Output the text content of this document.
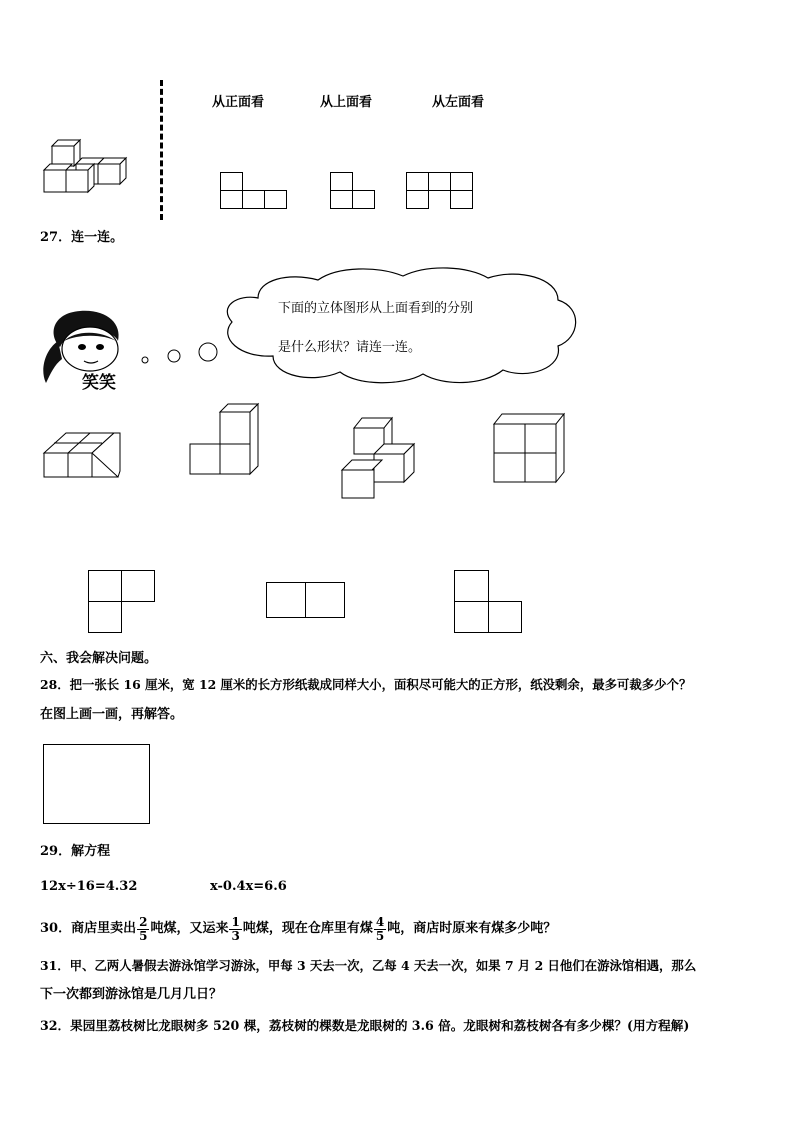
从正面看	从上面看	从左面看
27．连一连。
笑笑
下面的立体图形从上面看到的分别
是什么形状？请连一连。
六、我会解决问题。
28．把一张长 16 厘米，宽 12 厘米的长方形纸裁成同样大小，面积尽可能大的正方形，纸没剩余，最多可裁多少个？
在图上画一画，再解答。
29．解方程
12x÷16=4.32	x-0.4x=6.6
30．商店里卖出 $\frac{2}{5}$ 吨煤，又运来 $\frac{1}{3}$ 吨煤，现在仓库里有煤 $\frac{4}{5}$ 吨，商店时原来有煤多少吨？
31．甲、乙两人暑假去游泳馆学习游泳，甲每 3 天去一次，乙每 4 天去一次，如果 7 月 2 日他们在游泳馆相遇，那么
下一次都到游泳馆是几月几日？
32．果园里荔枝树比龙眼树多 520 棵，荔枝树的棵数是龙眼树的 3.6 倍。龙眼树和荔枝树各有多少棵？(用方程解)
